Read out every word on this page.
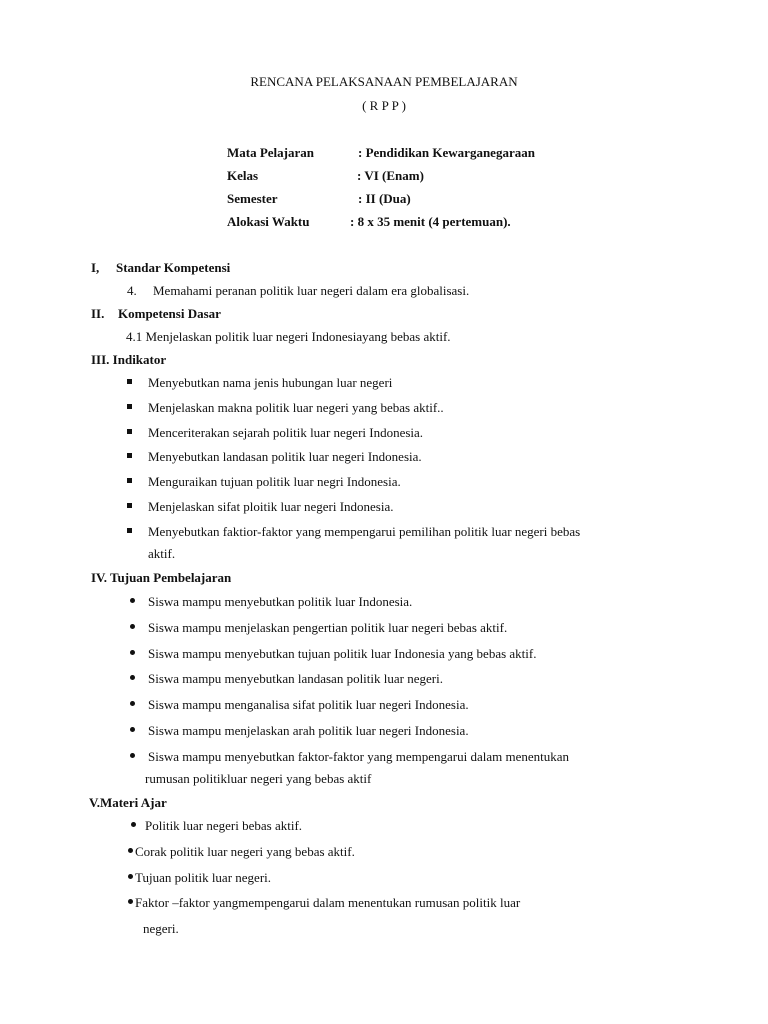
RENCANA PELAKSANAAN PEMBELAJARAN
( R P P )
Mata Pelajaran	: Pendidikan Kewarganegaraan
Kelas	: VI (Enam)
Semester	: II (Dua)
Alokasi Waktu	: 8 x 35 menit (4 pertemuan).
I, Standar Kompetensi
4. Memahami peranan politik luar negeri dalam era globalisasi.
II. Kompetensi Dasar
4.1 Menjelaskan politik luar negeri Indonesiayang bebas aktif.
III. Indikator
Menyebutkan nama jenis hubungan luar negeri
Menjelaskan makna politik luar negeri yang bebas aktif..
Menceriterakan sejarah politik luar negeri Indonesia.
Menyebutkan landasan politik luar negeri Indonesia.
Menguraikan tujuan politik luar negri Indonesia.
Menjelaskan sifat ploitik luar negeri Indonesia.
Menyebutkan faktior-faktor yang mempengarui pemilihan politik luar negeri bebas
aktif.
IV. Tujuan Pembelajaran
Siswa mampu menyebutkan politik luar Indonesia.
Siswa mampu menjelaskan pengertian politik luar negeri bebas aktif.
Siswa mampu menyebutkan tujuan politik luar Indonesia yang bebas aktif.
Siswa mampu menyebutkan landasan politik luar negeri.
Siswa mampu menganalisa sifat politik luar negeri Indonesia.
Siswa mampu menjelaskan arah politik luar negeri Indonesia.
Siswa mampu menyebutkan faktor-faktor yang mempengarui dalam menentukan
rumusan politikluar negeri yang bebas aktif
V.Materi Ajar
Politik luar negeri bebas aktif.
Corak politik luar negeri yang bebas aktif.
Tujuan politik luar negeri.
Faktor –faktor yangmempengarui dalam menentukan rumusan politik luar
negeri.
